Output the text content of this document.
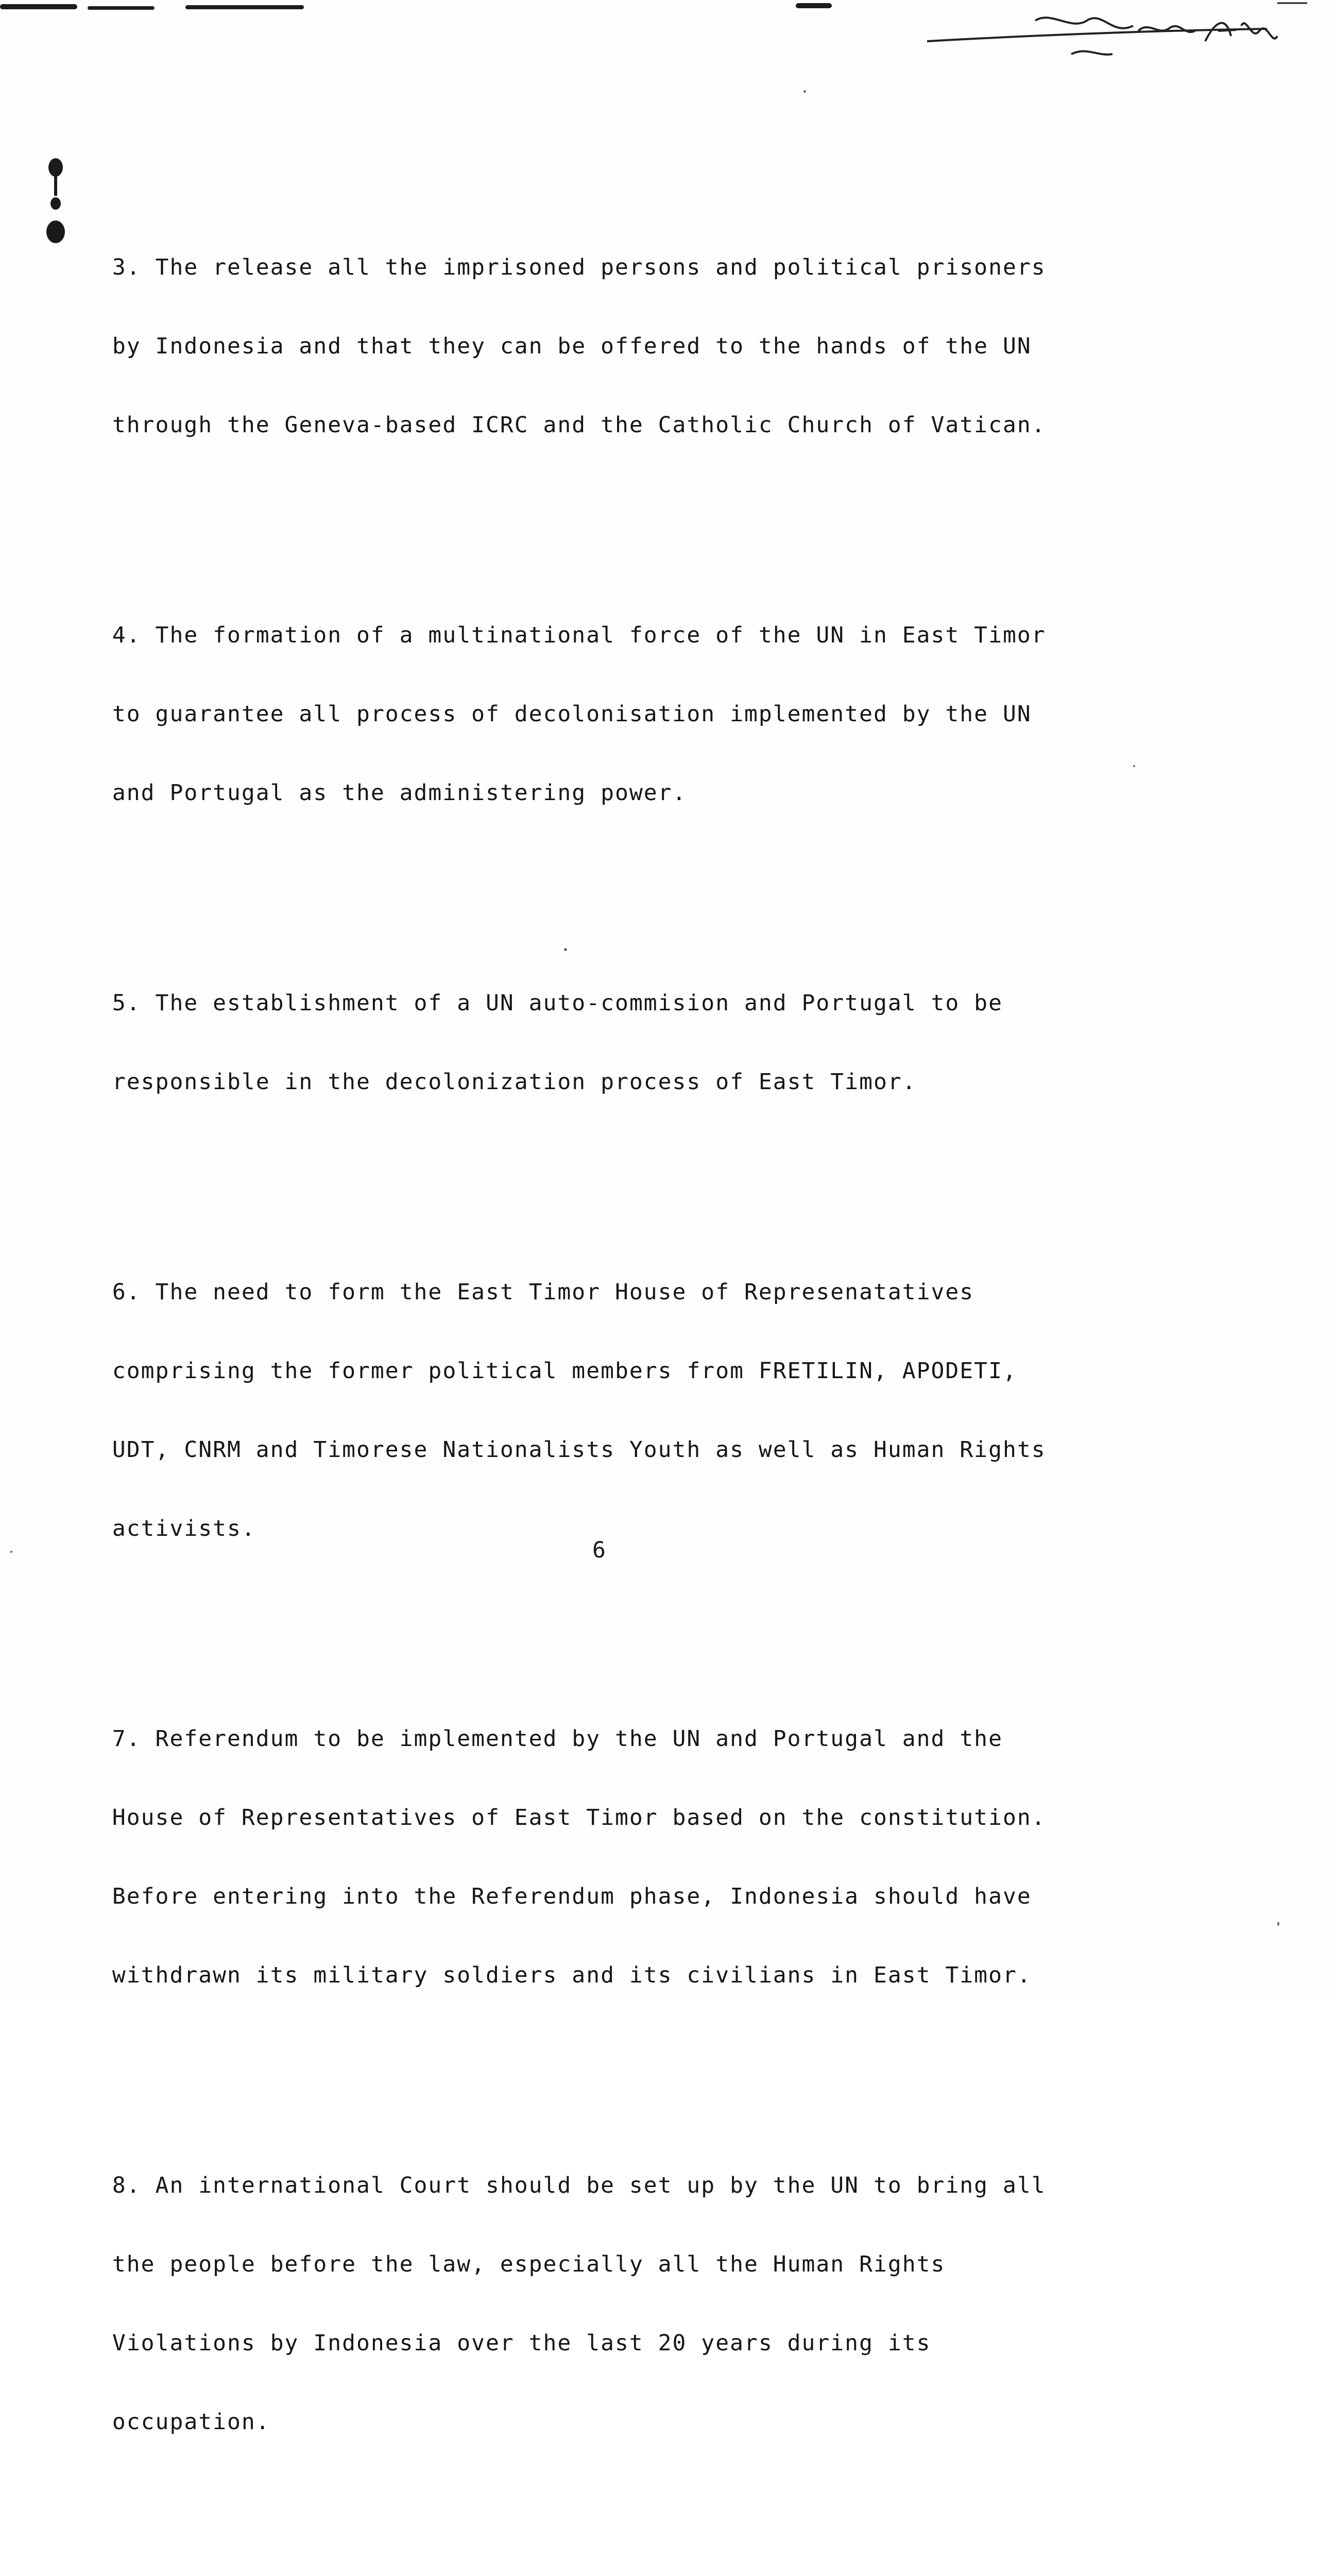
3. The release all the imprisoned persons and political prisoners

by Indonesia and that they can be offered to the hands of the UN

through the Geneva-based ICRC and the Catholic Church of Vatican.

4. The formation of a multinational force of the UN in East Timor

to guarantee all process of decolonisation implemented by the UN

and Portugal as the administering power.

5. The establishment of a UN auto-commision and Portugal to be

responsible in the decolonization process of East Timor.

6. The need to form the East Timor House of Represenatatives

comprising the former political members from FRETILIN, APODETI,

UDT, CNRM and Timorese Nationalists Youth as well as Human Rights

activists.

7. Referendum to be implemented by the UN and Portugal and the

House of Representatives of East Timor based on the constitution.

Before entering into the Referendum phase, Indonesia should have

withdrawn its military soldiers and its civilians in East Timor.

8. An international Court should be set up by the UN to bring all

the people before the law, especially all the Human Rights

Violations by Indonesia over the last 20 years during its

occupation.

6
